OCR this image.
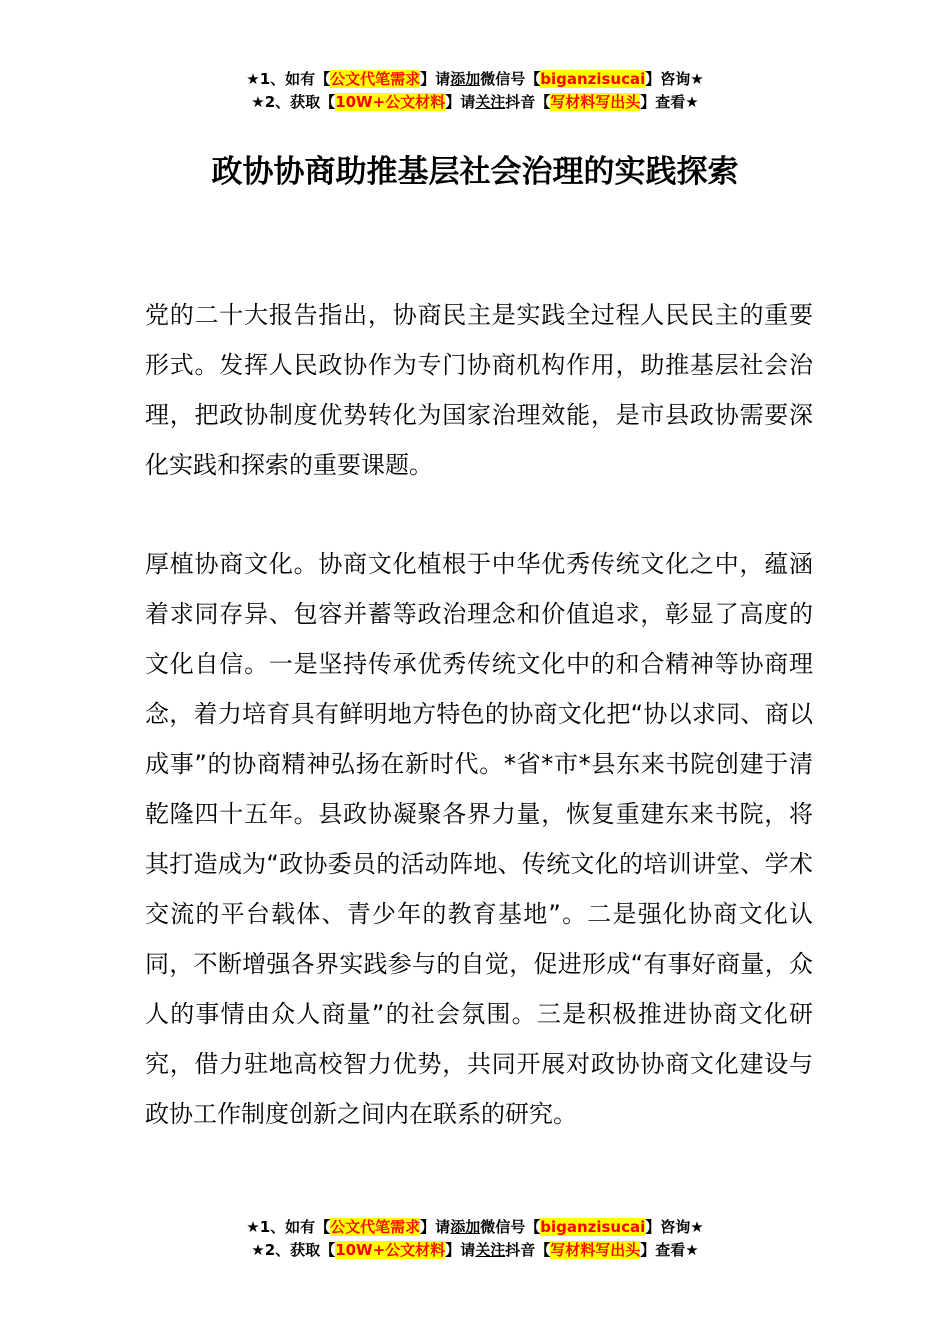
★1、如有【公文代笔需求】请添加微信号【biganzisucai】咨询★
★2、获取【10W+公文材料】请关注抖音【写材料写出头】查看★
政协协商助推基层社会治理的实践探索

党的二十大报告指出，协商民主是实践全过程人民民主的重要形式。发挥人民政协作为专门协商机构作用，助推基层社会治理，把政协制度优势转化为国家治理效能，是市县政协需要深化实践和探索的重要课题。

厚植协商文化。协商文化植根于中华优秀传统文化之中，蕴涵着求同存异、包容并蓄等政治理念和价值追求，彰显了高度的文化自信。一是坚持传承优秀传统文化中的和合精神等协商理念，着力培育具有鲜明地方特色的协商文化把“协以求同、商以成事”的协商精神弘扬在新时代。*省*市*县东来书院创建于清乾隆四十五年。县政协凝聚各界力量，恢复重建东来书院，将其打造成为“政协委员的活动阵地、传统文化的培训讲堂、学术交流的平台载体、青少年的教育基地”。二是强化协商文化认同，不断增强各界实践参与的自觉，促进形成“有事好商量，众人的事情由众人商量”的社会氛围。三是积极推进协商文化研究，借力驻地高校智力优势，共同开展对政协协商文化建设与政协工作制度创新之间内在联系的研究。

★1、如有【公文代笔需求】请添加微信号【biganzisucai】咨询★
★2、获取【10W+公文材料】请关注抖音【写材料写出头】查看★
